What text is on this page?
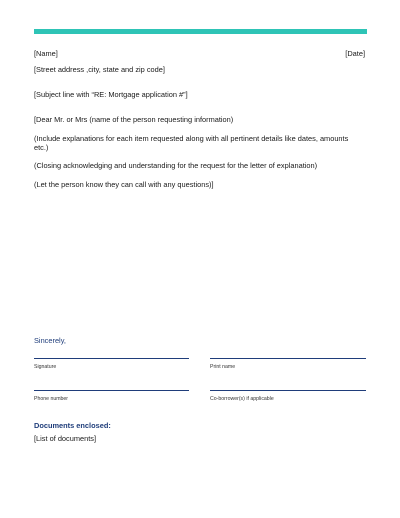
[Name]	[Date]
[Street address ,city, state and zip code]
[Subject line with “RE: Mortgage application #”]
[Dear Mr. or Mrs (name of the person requesting information)
(Include explanations for each item requested along with all pertinent details like dates, amounts etc.)
(Closing acknowledging and understanding for the request for the letter of explanation)
(Let the person know they can call with any questions)]
Sincerely,
Signature	Print name
Phone number	Co-borrower(s) if applicable
Documents enclosed:
[List of documents]
